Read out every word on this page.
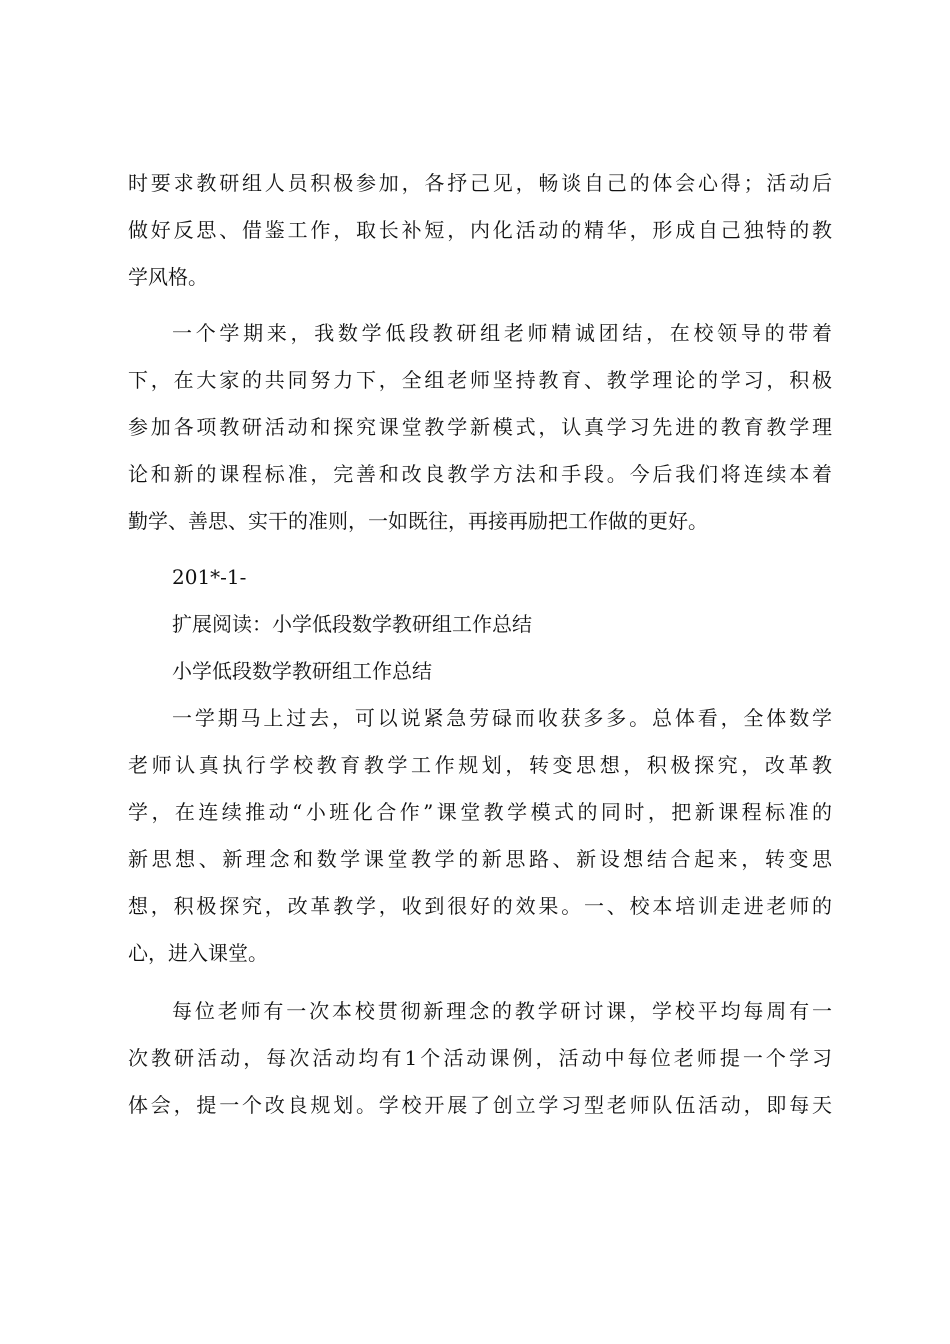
时要求教研组人员积极参加，各抒己见，畅谈自己的体会心得；活动后
做好反思、借鉴工作，取长补短，内化活动的精华，形成自己独特的教
学风格。
一个学期来，我数学低段教研组老师精诚团结，在校领导的带着
下，在大家的共同努力下，全组老师坚持教育、教学理论的学习，积极
参加各项教研活动和探究课堂教学新模式，认真学习先进的教育教学理
论和新的课程标准，完善和改良教学方法和手段。今后我们将连续本着
勤学、善思、实干的准则，一如既往，再接再励把工作做的更好。
201*-1-
扩展阅读：小学低段数学教研组工作总结
小学低段数学教研组工作总结
一学期马上过去，可以说紧急劳碌而收获多多。总体看，全体数学
老师认真执行学校教育教学工作规划，转变思想，积极探究，改革教
学，在连续推动“小班化合作”课堂教学模式的同时，把新课程标准的
新思想、新理念和数学课堂教学的新思路、新设想结合起来，转变思
想，积极探究，改革教学，收到很好的效果。一、校本培训走进老师的
心，进入课堂。
每位老师有一次本校贯彻新理念的教学研讨课，学校平均每周有一
次教研活动，每次活动均有1个活动课例，活动中每位老师提一个学习
体会，提一个改良规划。学校开展了创立学习型老师队伍活动，即每天
